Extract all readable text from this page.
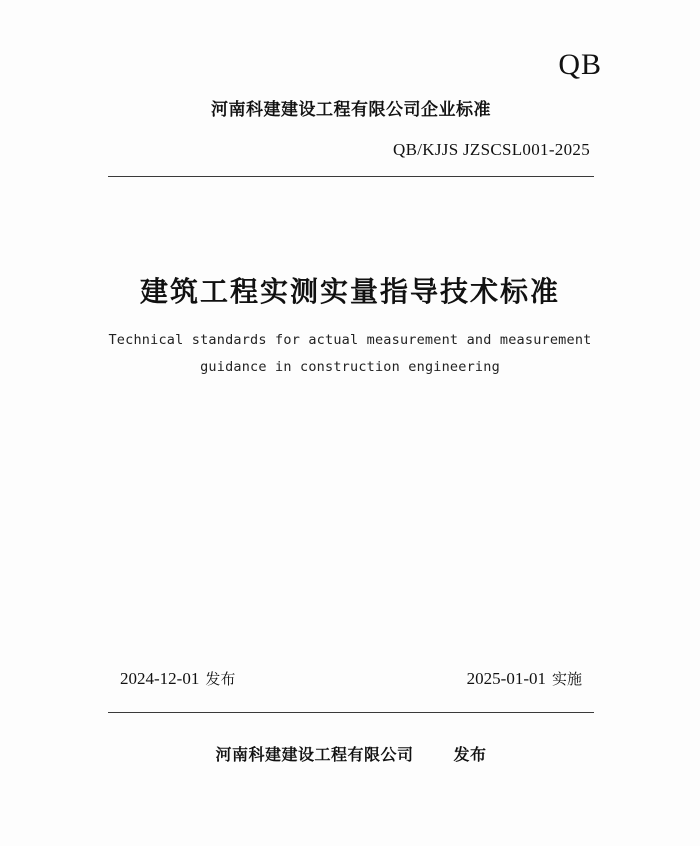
QB
河南科建建设工程有限公司企业标准
QB/KJJS JZSCSL001-2025
建筑工程实测实量指导技术标准
Technical standards for actual measurement and measurement
guidance in construction engineering
2024-12-01 发布	2025-01-01 实施
河南科建建设工程有限公司	发布
